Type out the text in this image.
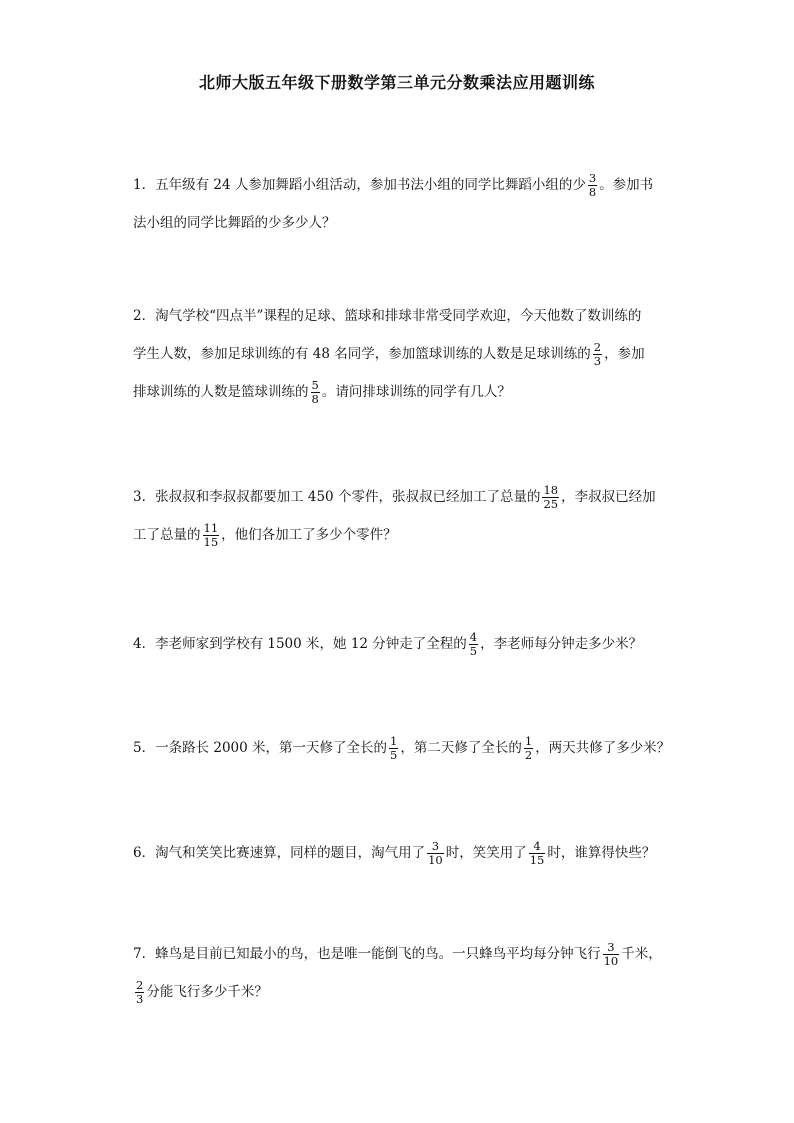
北师大版五年级下册数学第三单元分数乘法应用题训练
1．五年级有 24 人参加舞蹈小组活动，参加书法小组的同学比舞蹈小组的少 $\frac{3}{8}$ 。参加书
法小组的同学比舞蹈的少多少人？
2．淘气学校“四点半”课程的足球、篮球和排球非常受同学欢迎，今天他数了数训练的
学生人数，参加足球训练的有 48 名同学，参加篮球训练的人数是足球训练的 $\frac{2}{3}$ ，参加
排球训练的人数是篮球训练的 $\frac{5}{8}$ 。请问排球训练的同学有几人？
3．张叔叔和李叔叔都要加工 450 个零件，张叔叔已经加工了总量的 $\frac{18}{25}$ ，李叔叔已经加
工了总量的 $\frac{11}{15}$ ，他们各加工了多少个零件？
4．李老师家到学校有 1500 米，她 12 分钟走了全程的 $\frac{4}{5}$ ，李老师每分钟走多少米？
5．一条路长 2000 米，第一天修了全长的 $\frac{1}{5}$ ，第二天修了全长的 $\frac{1}{2}$ ，两天共修了多少米？
6．淘气和笑笑比赛速算，同样的题目，淘气用了 $\frac{3}{10}$ 时，笑笑用了 $\frac{4}{15}$ 时，谁算得快些？
7．蜂鸟是目前已知最小的鸟，也是唯一能倒飞的鸟。一只蜂鸟平均每分钟飞行 $\frac{3}{10}$ 千米，
$\frac{2}{3}$ 分能飞行多少千米？
